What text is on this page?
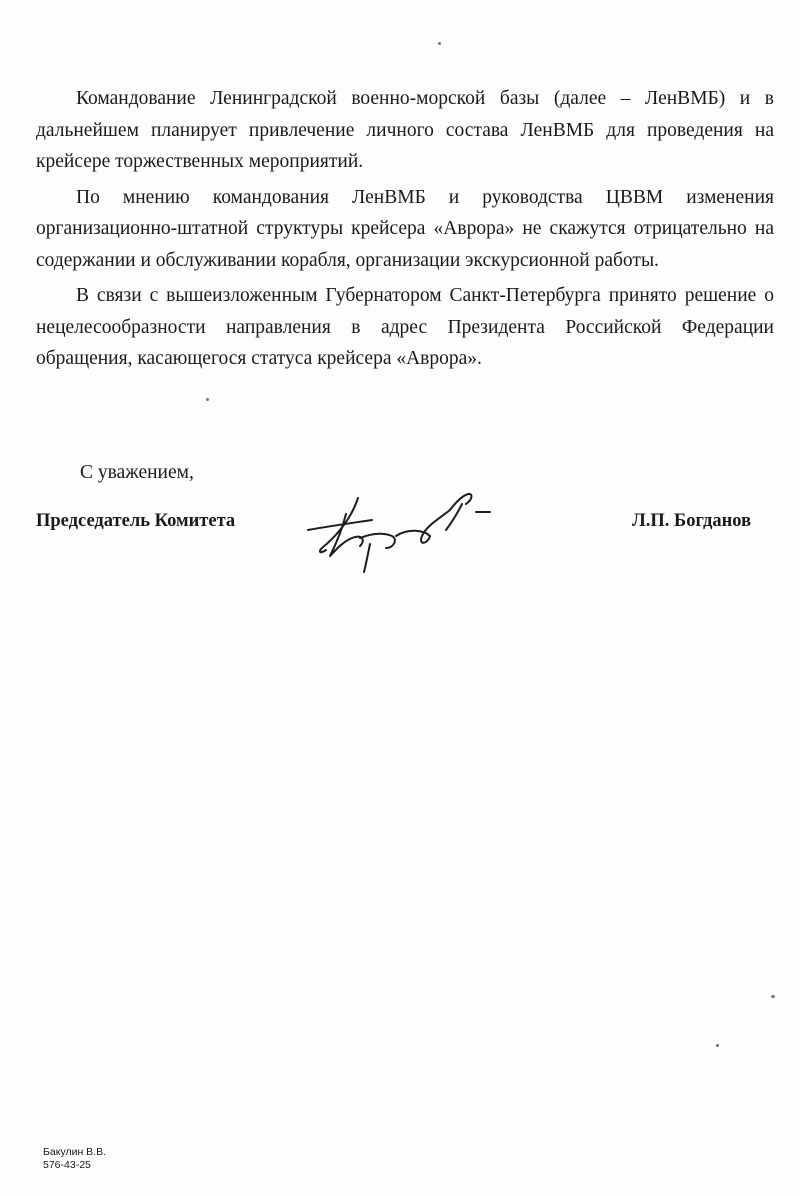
Командование Ленинградской военно-морской базы (далее – ЛенВМБ) и в дальнейшем планирует привлечение личного состава ЛенВМБ для проведения на крейсере торжественных мероприятий.

По мнению командования ЛенВМБ и руководства ЦВВМ изменения организационно-штатной структуры крейсера «Аврора» не скажутся отрицательно на содержании и обслуживании корабля, организации экскурсионной работы.

В связи с вышеизложенным Губернатором Санкт-Петербурга принято решение о нецелесообразности направления в адрес Президента Российской Федерации обращения, касающегося статуса крейсера «Аврора».

С уважением,

Председатель Комитета	Л.П. Богданов

Бакулин В.В.
576-43-25
